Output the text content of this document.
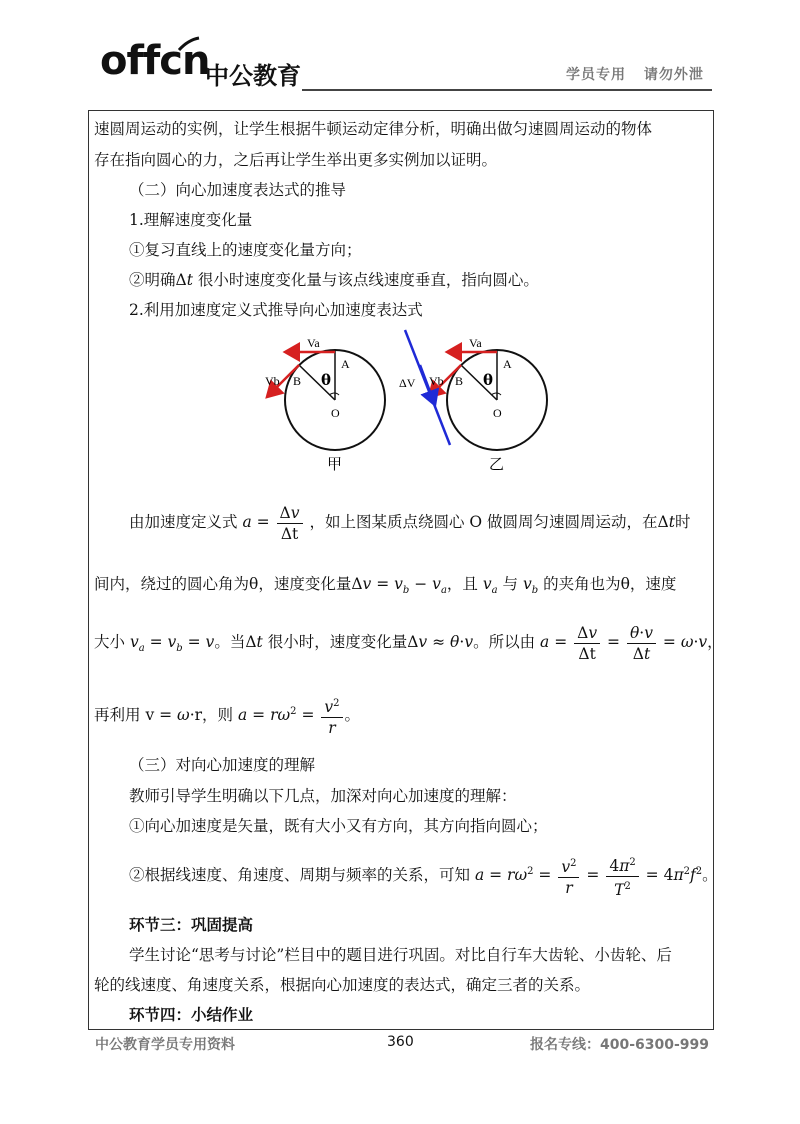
offcn
中公教育	学员专用 请勿外泄
速圆周运动的实例，让学生根据牛顿运动定律分析，明确出做匀速圆周运动的物体
存在指向圆心的力，之后再让学生举出更多实例加以证明。
（二）向心加速度表达式的推导
1.理解速度变化量
①复习直线上的速度变化量方向；
②明确Δt 很小时速度变化量与该点线速度垂直，指向圆心。
2.利用加速度定义式推导向心加速度表达式
Va
A
Vb B θ
O
甲
Va
A
Vb B θ
O
ΔV
乙
由加速度定义式 $a = \frac{\Delta v}{\Delta t}$ ，如上图某质点绕圆心 O 做圆周匀速圆周运动，在Δt时
间内，绕过的圆心角为θ，速度变化量$\Delta v = v_b - v_a$，且 $v_a$ 与 $v_b$ 的夹角也为θ，速度
大小 $v_a = v_b = v$。当Δt 很小时，速度变化量Δv ≈ θ·v。所以由 $a = \frac{\Delta v}{\Delta t} = \frac{\theta\cdot v}{\Delta t} = \omega\cdot v$，
再利用 v = ω·r，则 $a = r\omega^2 = \frac{v^2}{r}$ 。
（三）对向心加速度的理解
教师引导学生明确以下几点，加深对向心加速度的理解：
①向心加速度是矢量，既有大小又有方向，其方向指向圆心；
②根据线速度、角速度、周期与频率的关系，可知 $a = r\omega^2 = \frac{v^2}{r} = \frac{4\pi^2}{T^2} = 4\pi^2f^2$。
环节三：巩固提高
学生讨论“思考与讨论”栏目中的题目进行巩固。对比自行车大齿轮、小齿轮、后
轮的线速度、角速度关系，根据向心加速度的表达式，确定三者的关系。
环节四：小结作业
中公教育学员专用资料	360	报名专线：400-6300-999
